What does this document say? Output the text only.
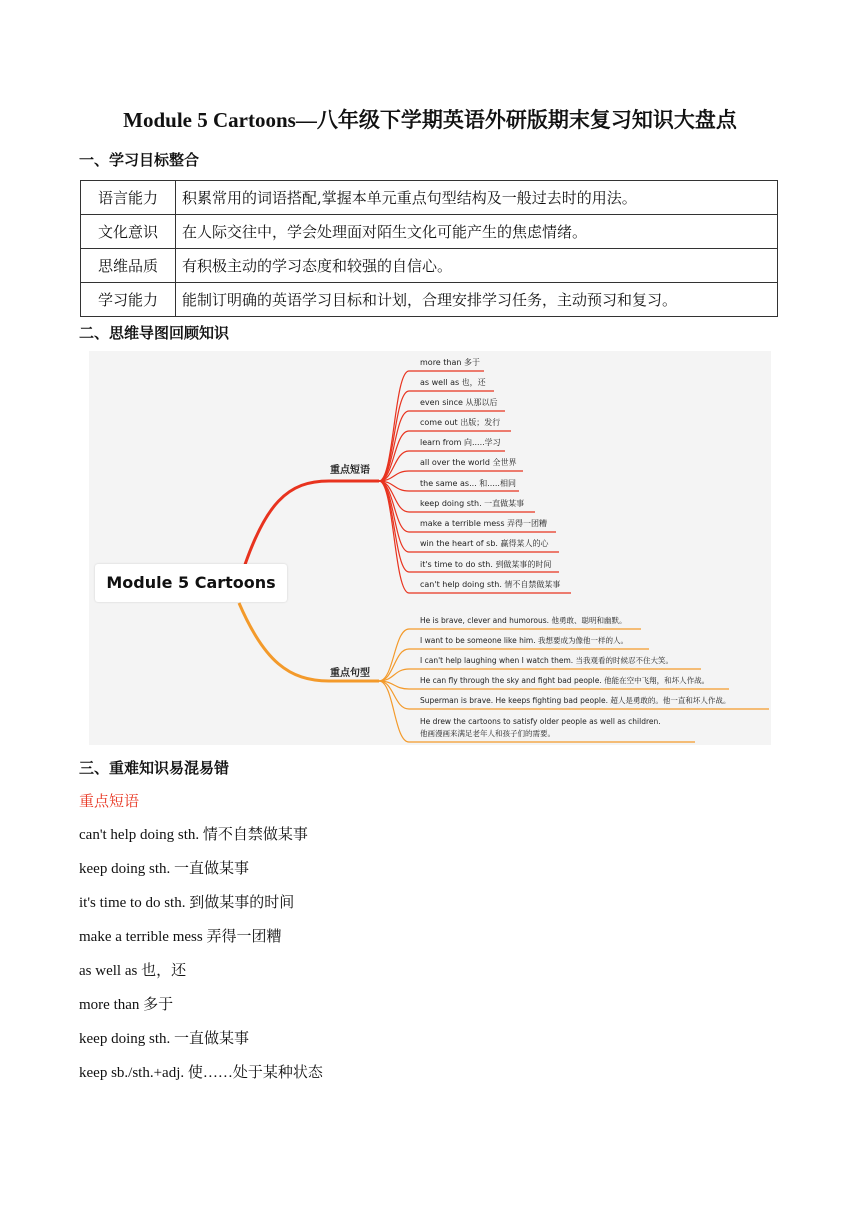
Module 5 Cartoons—八年级下学期英语外研版期末复习知识大盘点
一、学习目标整合
语言能力	积累常用的词语搭配,掌握本单元重点句型结构及一般过去时的用法。
文化意识	在人际交往中，学会处理面对陌生文化可能产生的焦虑情绪。
思维品质	有积极主动的学习态度和较强的自信心。
学习能力	能制订明确的英语学习目标和计划，合理安排学习任务，主动预习和复习。
二、思维导图回顾知识
Module 5 Cartoons
重点短语
重点句型
more than 多于
as well as 也，还
even since 从那以后
come out 出版；发行
learn from 向.....学习
all over the world 全世界
the same as... 和.....相同
keep doing sth. 一直做某事
make a terrible mess 弄得一团糟
win the heart of sb. 赢得某人的心
it's time to do sth. 到做某事的时间
can't help doing sth. 情不自禁做某事
He is brave, clever and humorous. 他勇敢、聪明和幽默。
I want to be someone like him. 我想要成为像他一样的人。
I can't help laughing when I watch them. 当我观看的时候忍不住大笑。
He can fly through the sky and fight bad people. 他能在空中飞翔，和坏人作战。
Superman is brave. He keeps fighting bad people. 超人是勇敢的。他一直和坏人作战。
He drew the cartoons to satisfy older people as well as children.
他画漫画来满足老年人和孩子们的需要。
三、重难知识易混易错
重点短语
can't help doing sth. 情不自禁做某事
keep doing sth. 一直做某事
it's time to do sth. 到做某事的时间
make a terrible mess 弄得一团糟
as well as 也，还
more than 多于
keep doing sth. 一直做某事
keep sb./sth.+adj. 使……处于某种状态
